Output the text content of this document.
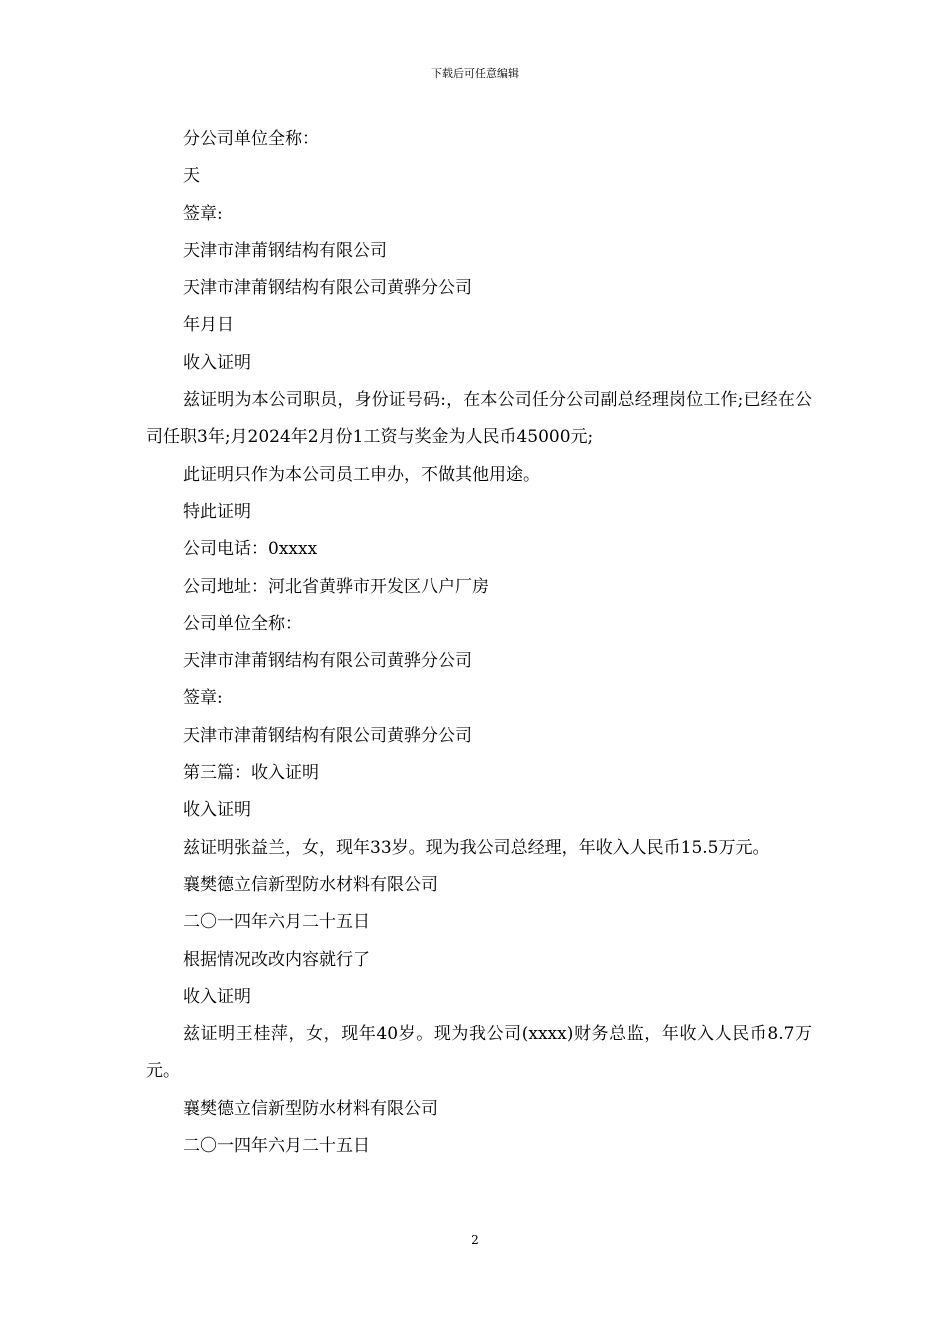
下载后可任意编辑

分公司单位全称：

天

签章:

天津市津莆钢结构有限公司

天津市津莆钢结构有限公司黄骅分公司

年月日

收入证明

兹证明为本公司职员，身份证号码:，在本公司任分公司副总经理岗位工作;已经在公司任职3年;月2024年2月份1工资与奖金为人民币45000元;

此证明只作为本公司员工申办，不做其他用途。

特此证明

公司电话：0xxxx

公司地址：河北省黄骅市开发区八户厂房

公司单位全称：

天津市津莆钢结构有限公司黄骅分公司

签章:

天津市津莆钢结构有限公司黄骅分公司

第三篇：收入证明

收入证明

兹证明张益兰，女，现年33岁。现为我公司总经理，年收入人民币15.5万元。

襄樊德立信新型防水材料有限公司

二〇一四年六月二十五日

根据情况改改内容就行了

收入证明

兹证明王桂萍，女，现年40岁。现为我公司(xxxx)财务总监，年收入人民币8.7万元。

襄樊德立信新型防水材料有限公司

二〇一四年六月二十五日

2
